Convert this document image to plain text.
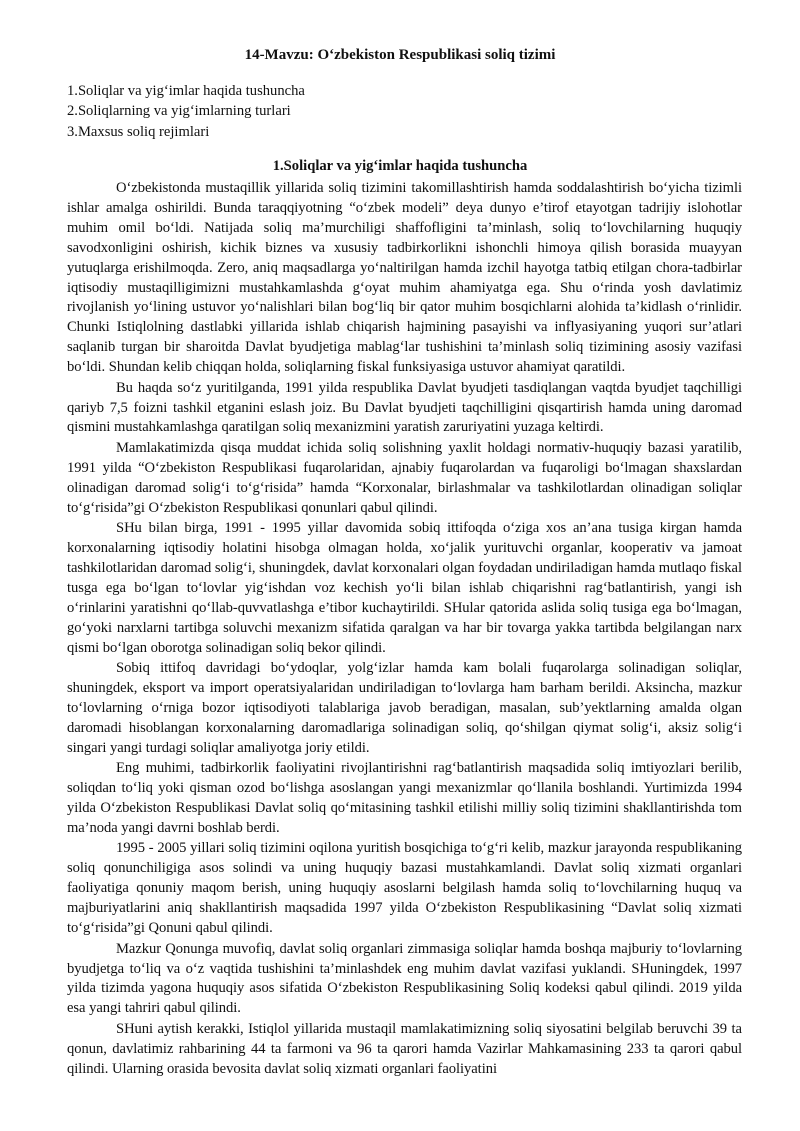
14-Mavzu: O‘zbekiston Respublikasi soliq tizimi
1.Soliqlar va yig‘imlar haqida tushuncha
2.Soliqlarning va yig‘imlarning turlari
3.Maxsus soliq rejimlari
1.Soliqlar va yig‘imlar haqida tushuncha

O‘zbekistonda mustaqillik yillarida soliq tizimini takomillashtirish hamda soddalashtirish bo‘yicha tizimli ishlar amalga oshirildi. Bunda taraqqiyotning “o‘zbek modeli” deya dunyo e’tirof etayotgan tadrijiy islohotlar muhim omil bo‘ldi. Natijada soliq ma’murchiligi shaffofligini ta’minlash, soliq to‘lovchilarning huquqiy savodxonligini oshirish, kichik biznes va xususiy tadbirkorlikni ishonchli himoya qilish borasida muayyan yutuqlarga erishilmoqda. Zero, aniq maqsadlarga yo‘naltirilgan hamda izchil hayotga tatbiq etilgan chora-tadbirlar iqtisodiy mustaqilligimizni mustahkamlashda g‘oyat muhim ahamiyatga ega. Shu o‘rinda yosh davlatimiz rivojlanish yo‘lining ustuvor yo‘nalishlari bilan bog‘liq bir qator muhim bosqichlarni alohida ta’kidlash o‘rinlidir. Chunki Istiqlolning dastlabki yillarida ishlab chiqarish hajmining pasayishi va inflyasiyaning yuqori sur’atlari saqlanib turgan bir sharoitda Davlat byudjetiga mablag‘lar tushishini ta’minlash soliq tizimining asosiy vazifasi bo‘ldi. Shundan kelib chiqqan holda, soliqlarning fiskal funksiyasiga ustuvor ahamiyat qaratildi.

Bu haqda so‘z yuritilganda, 1991 yilda respublika Davlat byudjeti tasdiqlangan vaqtda byudjet taqchilligi qariyb 7,5 foizni tashkil etganini eslash joiz. Bu Davlat byudjeti taqchilligini qisqartirish hamda uning daromad qismini mustahkamlashga qaratilgan soliq mexanizmini yaratish zaruriyatini yuzaga keltirdi.

Mamlakatimizda qisqa muddat ichida soliq solishning yaxlit holdagi normativ-huquqiy bazasi yaratilib, 1991 yilda “O‘zbekiston Respublikasi fuqarolaridan, ajnabiy fuqarolardan va fuqaroligi bo‘lmagan shaxslardan olinadigan daromad solig‘i to‘g‘risida” hamda “Korxonalar, birlashmalar va tashkilotlardan olinadigan soliqlar to‘g‘risida”gi O‘zbekiston Respublikasi qonunlari qabul qilindi.

SHu bilan birga, 1991 - 1995 yillar davomida sobiq ittifoqda o‘ziga xos an’ana tusiga kirgan hamda korxonalarning iqtisodiy holatini hisobga olmagan holda, xo‘jalik yurituvchi organlar, kooperativ va jamoat tashkilotlaridan daromad solig‘i, shuningdek, davlat korxonalari olgan foydadan undiriladigan hamda mutlaqo fiskal tusga ega bo‘lgan to‘lovlar yig‘ishdan voz kechish yo‘li bilan ishlab chiqarishni rag‘batlantirish, yangi ish o‘rinlarini yaratishni qo‘llab-quvvatlashga e’tibor kuchaytirildi. SHular qatorida aslida soliq tusiga ega bo‘lmagan, go‘yoki narxlarni tartibga soluvchi mexanizm sifatida qaralgan va har bir tovarga yakka tartibda belgilangan narx qismi bo‘lgan oborotga solinadigan soliq bekor qilindi.

Sobiq ittifoq davridagi bo‘ydoqlar, yolg‘izlar hamda kam bolali fuqarolarga solinadigan soliqlar, shuningdek, eksport va import operatsiyalaridan undiriladigan to‘lovlarga ham barham berildi. Aksincha, mazkur to‘lovlarning o‘rniga bozor iqtisodiyoti talablariga javob beradigan, masalan, sub’yektlarning amalda olgan daromadi hisoblangan korxonalarning daromadlariga solinadigan soliq, qo‘shilgan qiymat solig‘i, aksiz solig‘i singari yangi turdagi soliqlar amaliyotga joriy etildi.

Eng muhimi, tadbirkorlik faoliyatini rivojlantirishni rag‘batlantirish maqsadida soliq imtiyozlari berilib, soliqdan to‘liq yoki qisman ozod bo‘lishga asoslangan yangi mexanizmlar qo‘llanila boshlandi. Yurtimizda 1994 yilda O‘zbekiston Respublikasi Davlat soliq qo‘mitasining tashkil etilishi milliy soliq tizimini shakllantirishda tom ma’noda yangi davrni boshlab berdi.

1995 - 2005 yillari soliq tizimini oqilona yuritish bosqichiga to‘g‘ri kelib, mazkur jarayonda respublikaning soliq qonunchiligiga asos solindi va uning huquqiy bazasi mustahkamlandi. Davlat soliq xizmati organlari faoliyatiga qonuniy maqom berish, uning huquqiy asoslarni belgilash hamda soliq to‘lovchilarning huquq va majburiyatlarini aniq shakllantirish maqsadida 1997 yilda O‘zbekiston Respublikasining “Davlat soliq xizmati to‘g‘risida”gi Qonuni qabul qilindi.

Mazkur Qonunga muvofiq, davlat soliq organlari zimmasiga soliqlar hamda boshqa majburiy to‘lovlarning byudjetga to‘liq va o‘z vaqtida tushishini ta’minlashdek eng muhim davlat vazifasi yuklandi. SHuningdek, 1997 yilda tizimda yagona huquqiy asos sifatida O‘zbekiston Respublikasining Soliq kodeksi qabul qilindi. 2019 yilda esa yangi tahriri qabul qilindi.

SHuni aytish kerakki, Istiqlol yillarida mustaqil mamlakatimizning soliq siyosatini belgilab beruvchi 39 ta qonun, davlatimiz rahbarining 44 ta farmoni va 96 ta qarori hamda Vazirlar Mahkamasining 233 ta qarori qabul qilindi. Ularning orasida bevosita davlat soliq xizmati organlari faoliyatini
